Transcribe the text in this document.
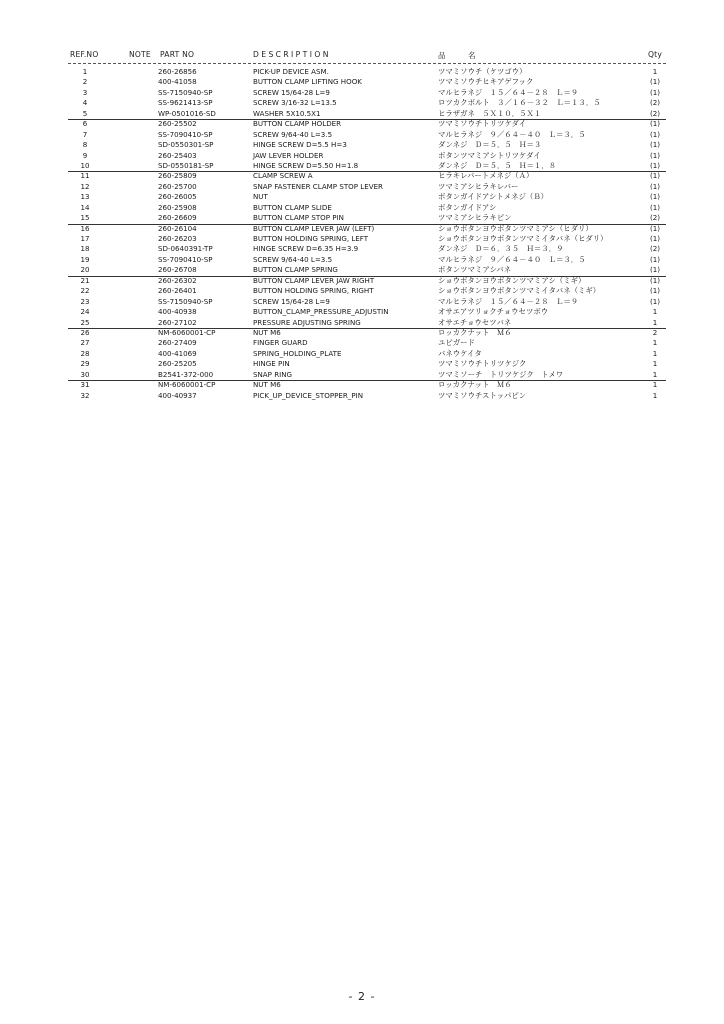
REF.NO	NOTE PART NO	DESCRIPTION	品 名	Qty
1	260-26856	PICK-UP DEVICE ASM.	ツマミソウチ（ケツゴウ）	1
2	400-41058	BUTTON CLAMP LIFTING HOOK	ツマミソウチヒキアゲフック	(1)
3	SS-7150940-SP	SCREW 15/64-28 L=9	マルヒラネジ　１５／６４－２８　Ｌ＝９	(1)
4	SS-9621413-SP	SCREW 3/16-32 L=13.5	ロツカクボルト　３／１６－３２　Ｌ＝１３．５	(2)
5	WP-0501016-SD	WASHER 5X10.5X1	ヒラザガネ　５Ｘ１０．５Ｘ１	(2)
6	260-25502	BUTTON CLAMP HOLDER	ツマミソウチトリツケダイ	(1)
7	SS-7090410-SP	SCREW 9/64-40 L=3.5	マルヒラネジ　９／６４－４０　Ｌ＝３．５	(1)
8	SD-0550301-SP	HINGE SCREW D=5.5 H=3	ダンネジ　Ｄ＝５．５　Ｈ＝３	(1)
9	260-25403	JAW LEVER HOLDER	ボタンツマミアシトリツケダイ	(1)
10	SD-0550181-SP	HINGE SCREW D=5.50 H=1.8	ダンネジ　Ｄ＝５．５　Ｈ＝１．８	(1)
11	260-25809	CLAMP SCREW A	ヒラキレバートメネジ（Ａ）	(1)
12	260-25700	SNAP FASTENER CLAMP STOP LEVER	ツマミアシヒラキレバー	(1)
13	260-26005	NUT	ボタンガイドアシトメネジ（Ｂ）	(1)
14	260-25908	BUTTON CLAMP SLIDE	ボタンガイドアシ	(1)
15	260-26609	BUTTON CLAMP STOP PIN	ツマミアシヒラキピン	(2)
16	260-26104	BUTTON CLAMP LEVER JAW (LEFT)	ショウボタンヨウボタンツマミアシ（ヒダリ）	(1)
17	260-26203	BUTTON HOLDING SPRING, LEFT	ショウボタンヨウボタンツマミイタバネ（ヒダリ）	(1)
18	SD-0640391-TP	HINGE SCREW D=6.35 H=3.9	ダンネジ　Ｄ＝６．３５　Ｈ＝３．９	(2)
19	SS-7090410-SP	SCREW 9/64-40 L=3.5	マルヒラネジ　９／６４－４０　Ｌ＝３．５	(1)
20	260-26708	BUTTON CLAMP SPRING	ボタンツマミアシバネ	(1)
21	260-26302	BUTTON CLAMP LEVER JAW RIGHT	ショウボタンヨウボタンツマミアシ（ミギ）	(1)
22	260-26401	BUTTON HOLDING SPRING, RIGHT	ショウボタンヨウボタンツマミイタバネ（ミギ）	(1)
23	SS-7150940-SP	SCREW 15/64-28 L=9	マルヒラネジ　１５／６４－２８　Ｌ＝９	(1)
24	400-40938	BUTTON_CLAMP_PRESSURE_ADJUSTIN	オサエアツリョクチョウセツボウ	1
25	260-27102	PRESSURE ADJUSTING SPRING	オサエチョウセツバネ	1
26	NM-6060001-CP	NUT M6	ロッカクナット　Ｍ６	2
27	260-27409	FINGER GUARD	ユビガード	1
28	400-41069	SPRING_HOLDING_PLATE	バネウケイタ	1
29	260-25205	HINGE PIN	ツマミソウチトリツケジク	1
30	B2541-372-000	SNAP RING	ツマミソーチ　トリツケジク　トメワ	1
31	NM-6060001-CP	NUT M6	ロッカクナット　Ｍ６	1
32	400-40937	PICK_UP_DEVICE_STOPPER_PIN	ツマミソウチストッパピン	1
- 2 -
